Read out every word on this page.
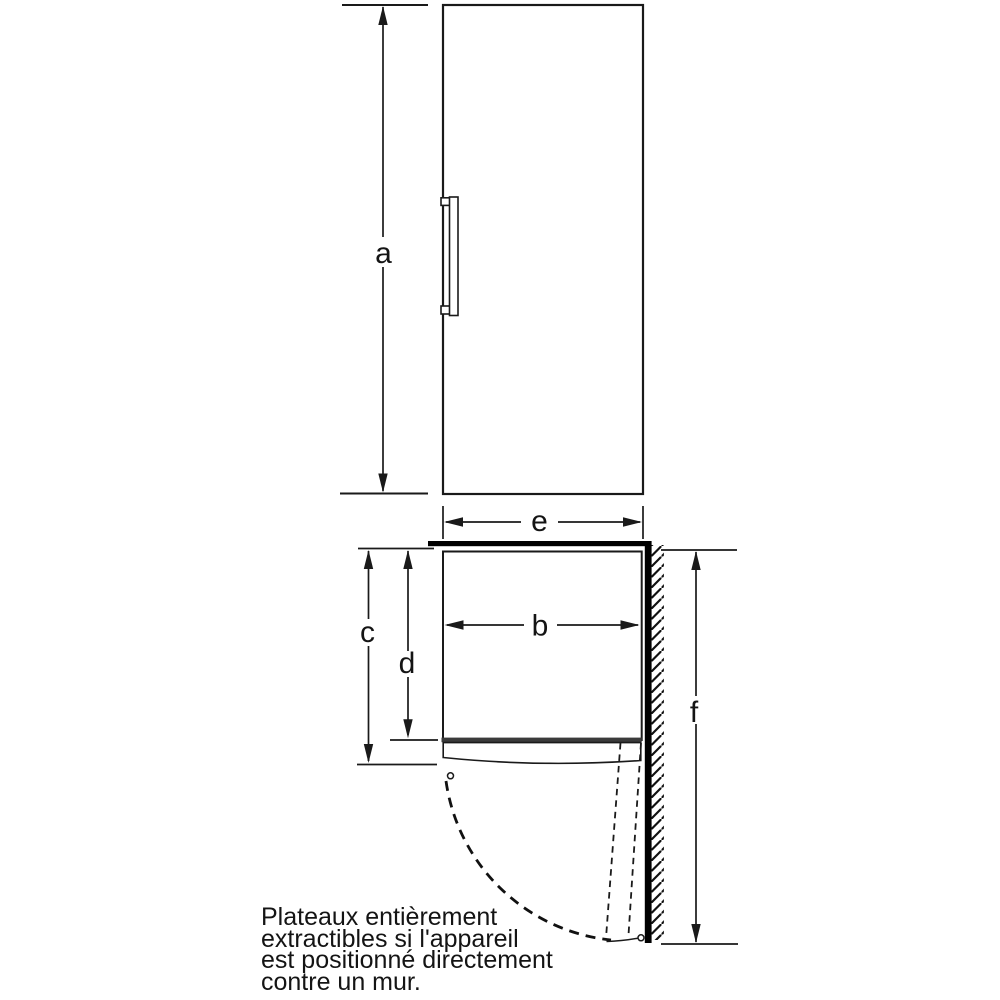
a
e
b
c
d
f
Plateaux entièrement
extractibles si l'appareil
est positionné directement
contre un mur.
